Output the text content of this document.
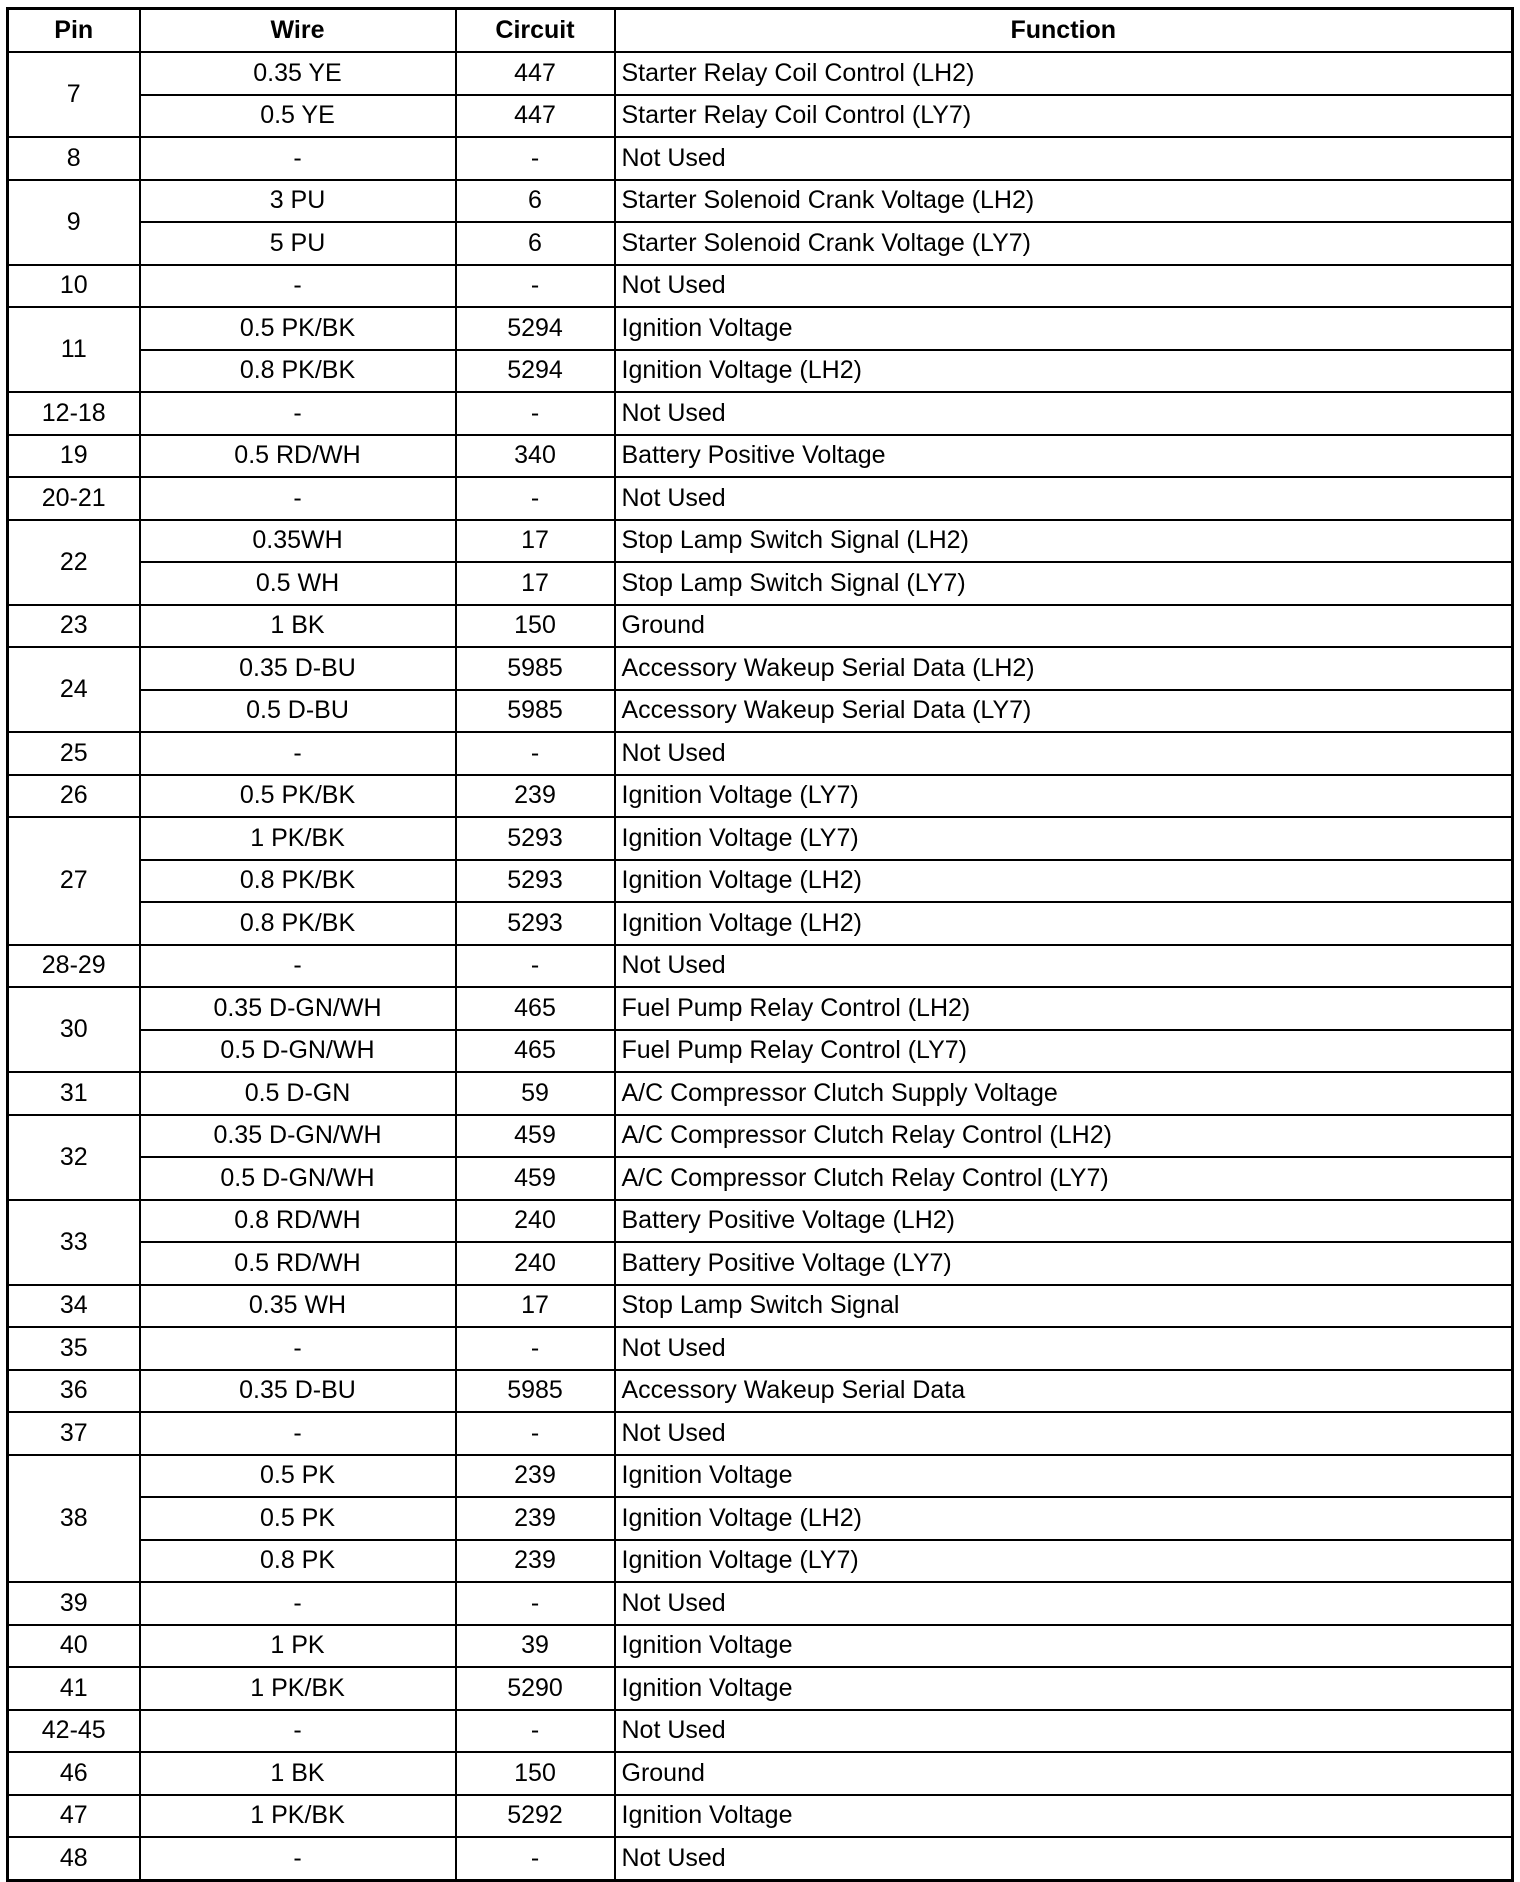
Pin	Wire	Circuit	Function
7	0.35 YE	447	Starter Relay Coil Control (LH2)
	0.5 YE	447	Starter Relay Coil Control (LY7)
8	-	-	Not Used
9	3 PU	6	Starter Solenoid Crank Voltage (LH2)
	5 PU	6	Starter Solenoid Crank Voltage (LY7)
10	-	-	Not Used
11	0.5 PK/BK	5294	Ignition Voltage
	0.8 PK/BK	5294	Ignition Voltage (LH2)
12-18	-	-	Not Used
19	0.5 RD/WH	340	Battery Positive Voltage
20-21	-	-	Not Used
22	0.35WH	17	Stop Lamp Switch Signal (LH2)
	0.5 WH	17	Stop Lamp Switch Signal (LY7)
23	1 BK	150	Ground
24	0.35 D-BU	5985	Accessory Wakeup Serial Data (LH2)
	0.5 D-BU	5985	Accessory Wakeup Serial Data (LY7)
25	-	-	Not Used
26	0.5 PK/BK	239	Ignition Voltage (LY7)
27	1 PK/BK	5293	Ignition Voltage (LY7)
	0.8 PK/BK	5293	Ignition Voltage (LH2)
	0.8 PK/BK	5293	Ignition Voltage (LH2)
28-29	-	-	Not Used
30	0.35 D-GN/WH	465	Fuel Pump Relay Control (LH2)
	0.5 D-GN/WH	465	Fuel Pump Relay Control (LY7)
31	0.5 D-GN	59	A/C Compressor Clutch Supply Voltage
32	0.35 D-GN/WH	459	A/C Compressor Clutch Relay Control (LH2)
	0.5 D-GN/WH	459	A/C Compressor Clutch Relay Control (LY7)
33	0.8 RD/WH	240	Battery Positive Voltage (LH2)
	0.5 RD/WH	240	Battery Positive Voltage (LY7)
34	0.35 WH	17	Stop Lamp Switch Signal
35	-	-	Not Used
36	0.35 D-BU	5985	Accessory Wakeup Serial Data
37	-	-	Not Used
38	0.5 PK	239	Ignition Voltage
	0.5 PK	239	Ignition Voltage (LH2)
	0.8 PK	239	Ignition Voltage (LY7)
39	-	-	Not Used
40	1 PK	39	Ignition Voltage
41	1 PK/BK	5290	Ignition Voltage
42-45	-	-	Not Used
46	1 BK	150	Ground
47	1 PK/BK	5292	Ignition Voltage
48	-	-	Not Used
